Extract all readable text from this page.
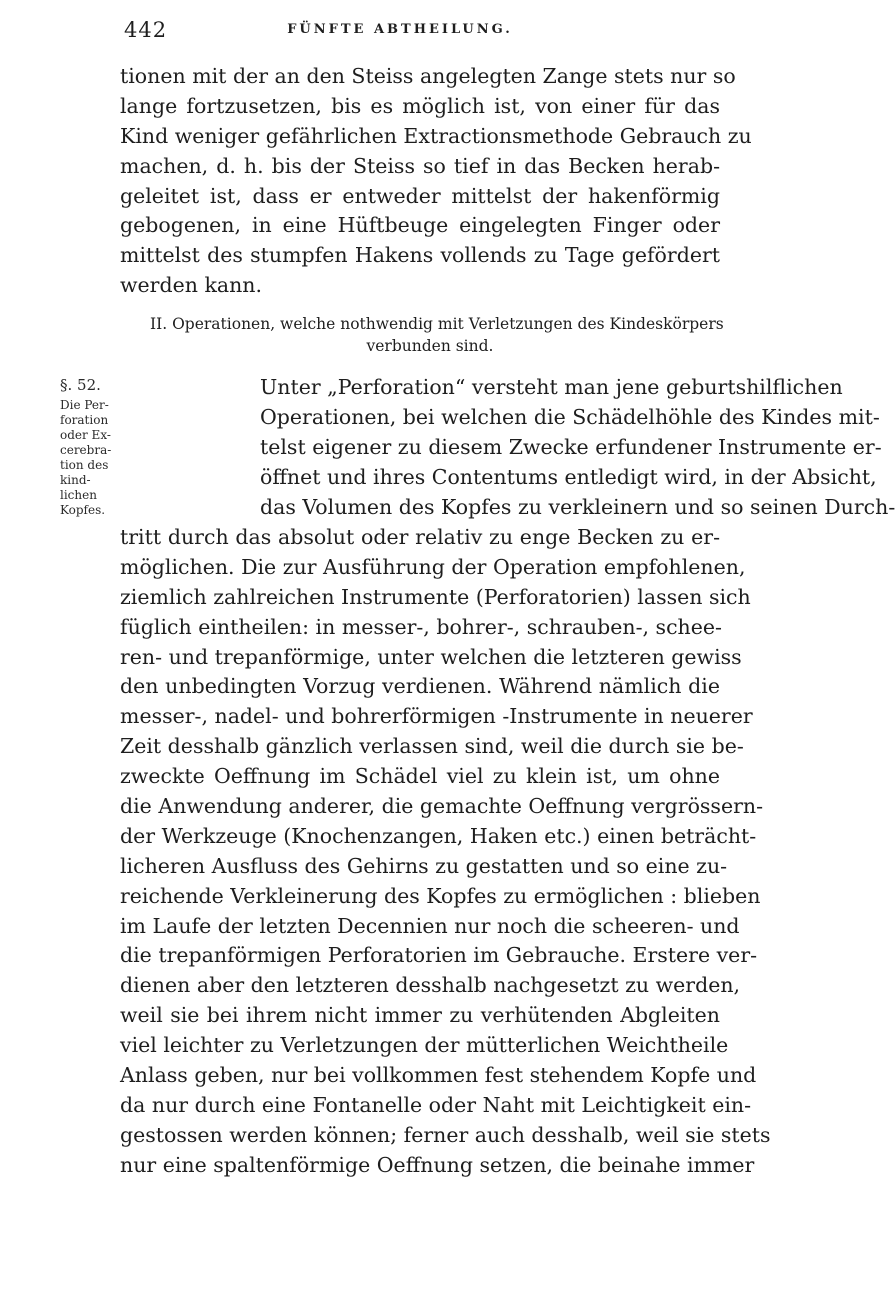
442	FÜNFTE ABTHEILUNG.
tionen mit der an den Steiss angelegten Zange stets nur so
lange fortzusetzen, bis es möglich ist, von einer für das
Kind weniger gefährlichen Extractionsmethode Gebrauch zu
machen, d. h. bis der Steiss so tief in das Becken herab-
geleitet ist, dass er entweder mittelst der hakenförmig
gebogenen, in eine Hüftbeuge eingelegten Finger oder
mittelst des stumpfen Hakens vollends zu Tage gefördert
werden kann.
II. Operationen, welche nothwendig mit Verletzungen des Kindeskörpers
verbunden sind.
§. 52.
Die Per-
foration
oder Ex-
cerebra-
tion des
kind-
lichen
Kopfes.
Unter „Perforation“ versteht man jene geburtshilflichen
Operationen, bei welchen die Schädelhöhle des Kindes mit-
telst eigener zu diesem Zwecke erfundener Instrumente er-
öffnet und ihres Contentums entledigt wird, in der Absicht,
das Volumen des Kopfes zu verkleinern und so seinen Durch-
tritt durch das absolut oder relativ zu enge Becken zu er-
möglichen. Die zur Ausführung der Operation empfohlenen,
ziemlich zahlreichen Instrumente (Perforatorien) lassen sich
füglich eintheilen: in messer-, bohrer-, schrauben-, schee-
ren- und trepanförmige, unter welchen die letzteren gewiss
den unbedingten Vorzug verdienen. Während nämlich die
messer-, nadel- und bohrerförmigen -Instrumente in neuerer
Zeit desshalb gänzlich verlassen sind, weil die durch sie be-
zweckte Oeffnung im Schädel viel zu klein ist, um ohne
die Anwendung anderer, die gemachte Oeffnung vergrössern-
der Werkzeuge (Knochenzangen, Haken etc.) einen beträcht-
licheren Ausfluss des Gehirns zu gestatten und so eine zu-
reichende Verkleinerung des Kopfes zu ermöglichen : blieben
im Laufe der letzten Decennien nur noch die scheeren- und
die trepanförmigen Perforatorien im Gebrauche. Erstere ver-
dienen aber den letzteren desshalb nachgesetzt zu werden,
weil sie bei ihrem nicht immer zu verhütenden Abgleiten
viel leichter zu Verletzungen der mütterlichen Weichtheile
Anlass geben, nur bei vollkommen fest stehendem Kopfe und
da nur durch eine Fontanelle oder Naht mit Leichtigkeit ein-
gestossen werden können; ferner auch desshalb, weil sie stets
nur eine spaltenförmige Oeffnung setzen, die beinahe immer
